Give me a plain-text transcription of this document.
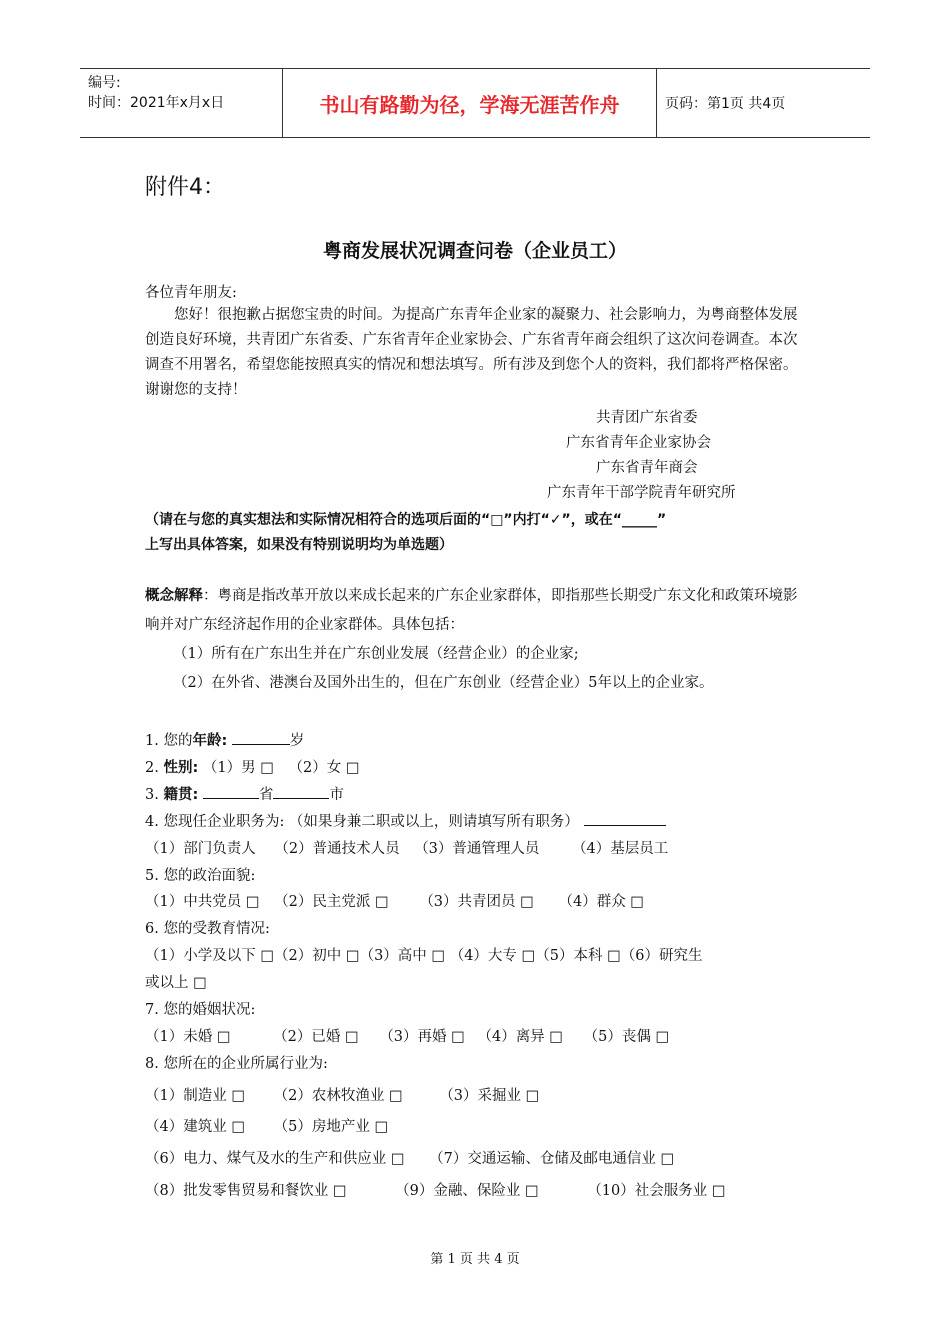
编号:
时间：2021年x月x日	书山有路勤为径，学海无涯苦作舟	页码：第1页 共4页
附件4：
粤商发展状况调查问卷（企业员工）
各位青年朋友:
您好！很抱歉占据您宝贵的时间。为提高广东青年企业家的凝聚力、社会影响力，为粤商整体发展创造良好环境，共青团广东省委、广东省青年企业家协会、广东省青年商会组织了这次问卷调查。本次调查不用署名，希望您能按照真实的情况和想法填写。所有涉及到您个人的资料，我们都将严格保密。谢谢您的支持！
共青团广东省委
广东省青年企业家协会
广东省青年商会
广东青年干部学院青年研究所
（请在与您的真实想法和实际情况相符合的选项后面的“□”内打“✓”，或在“_____”
上写出具体答案，如果没有特别说明均为单选题）
概念解释：粤商是指改革开放以来成长起来的广东企业家群体，即指那些长期受广东文化和政策环境影响并对广东经济起作用的企业家群体。具体包括：
（1）所有在广东出生并在广东创业发展（经营企业）的企业家;
（2）在外省、港澳台及国外出生的，但在广东创业（经营企业）5年以上的企业家。
1. 您的年龄:	岁
2. 性别: （1）男 □ （2）女 □
3. 籍贯:	省	市
4. 您现任企业职务为: （如果身兼二职或以上，则请填写所有职务）
（1）部门负责人 （2）普通技术人员 （3）普通管理人员 （4）基层员工
5. 您的政治面貌:
（1）中共党员 □ （2）民主党派 □ （3）共青团员 □ （4）群众 □
6. 您的受教育情况:
（1）小学及以下 □（2）初中 □（3）高中 □ （4）大专 □（5）本科 □（6）研究生
或以上 □
7. 您的婚姻状况:
（1）未婚 □	（2）已婚 □ （3）再婚 □ （4）离异 □ （5）丧偶 □
8. 您所在的企业所属行业为:
（1）制造业 □ （2）农林牧渔业 □	（3）采掘业 □
（4）建筑业 □ （5）房地产业 □
（6）电力、煤气及水的生产和供应业 □ （7）交通运输、仓储及邮电通信业 □
（8）批发零售贸易和餐饮业 □	（9）金融、保险业 □	（10）社会服务业 □
第 1 页 共 4 页
